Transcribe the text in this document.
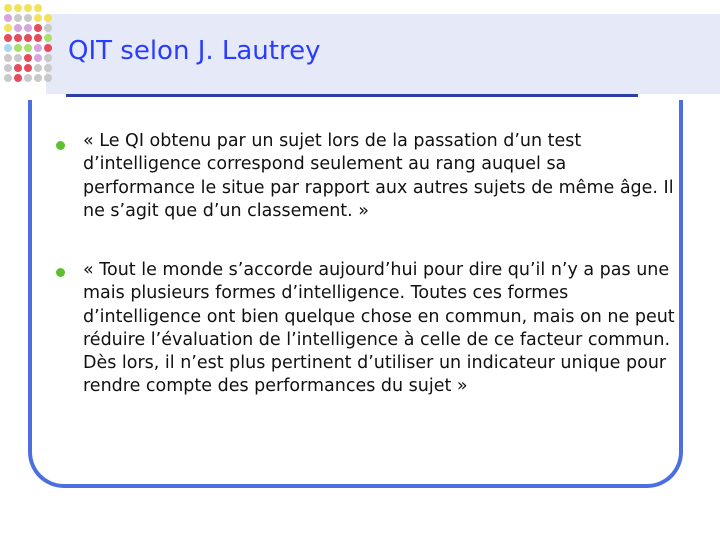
QIT selon J. Lautrey

« Le QI obtenu par un sujet lors de la passation d’un test d’intelligence correspond seulement au rang auquel sa performance le situe par rapport aux autres sujets de même âge. Il ne s’agit que d’un classement. »

« Tout le monde s’accorde aujourd’hui pour dire qu’il n’y a pas une mais plusieurs formes d’intelligence. Toutes ces formes d’intelligence ont bien quelque chose en commun, mais on ne peut réduire l’évaluation de l’intelligence à celle de ce facteur commun. Dès lors, il n’est plus pertinent d’utiliser un indicateur unique pour rendre compte des performances du sujet »
